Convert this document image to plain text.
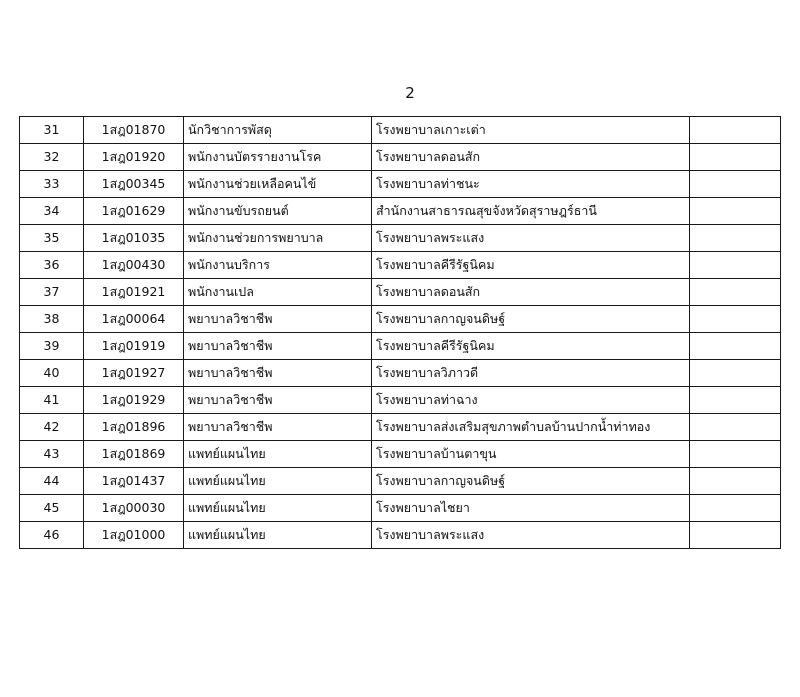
2
31	1สฎ01870	นักวิชาการพัสดุ	โรงพยาบาลเกาะเต่า	
32	1สฎ01920	พนักงานบัตรรายงานโรค	โรงพยาบาลดอนสัก	
33	1สฎ00345	พนักงานช่วยเหลือคนไข้	โรงพยาบาลท่าชนะ	
34	1สฎ01629	พนักงานขับรถยนต์	สำนักงานสาธารณสุขจังหวัดสุราษฎร์ธานี	
35	1สฎ01035	พนักงานช่วยการพยาบาล	โรงพยาบาลพระแสง	
36	1สฎ00430	พนักงานบริการ	โรงพยาบาลคีรีรัฐนิคม	
37	1สฎ01921	พนักงานเปล	โรงพยาบาลดอนสัก	
38	1สฎ00064	พยาบาลวิชาชีพ	โรงพยาบาลกาญจนดิษฐ์	
39	1สฎ01919	พยาบาลวิชาชีพ	โรงพยาบาลคีรีรัฐนิคม	
40	1สฎ01927	พยาบาลวิชาชีพ	โรงพยาบาลวิภาวดี	
41	1สฎ01929	พยาบาลวิชาชีพ	โรงพยาบาลท่าฉาง	
42	1สฎ01896	พยาบาลวิชาชีพ	โรงพยาบาลส่งเสริมสุขภาพตำบลบ้านปากน้ำท่าทอง	
43	1สฎ01869	แพทย์แผนไทย	โรงพยาบาลบ้านตาขุน	
44	1สฎ01437	แพทย์แผนไทย	โรงพยาบาลกาญจนดิษฐ์	
45	1สฎ00030	แพทย์แผนไทย	โรงพยาบาลไชยา	
46	1สฎ01000	แพทย์แผนไทย	โรงพยาบาลพระแสง	
